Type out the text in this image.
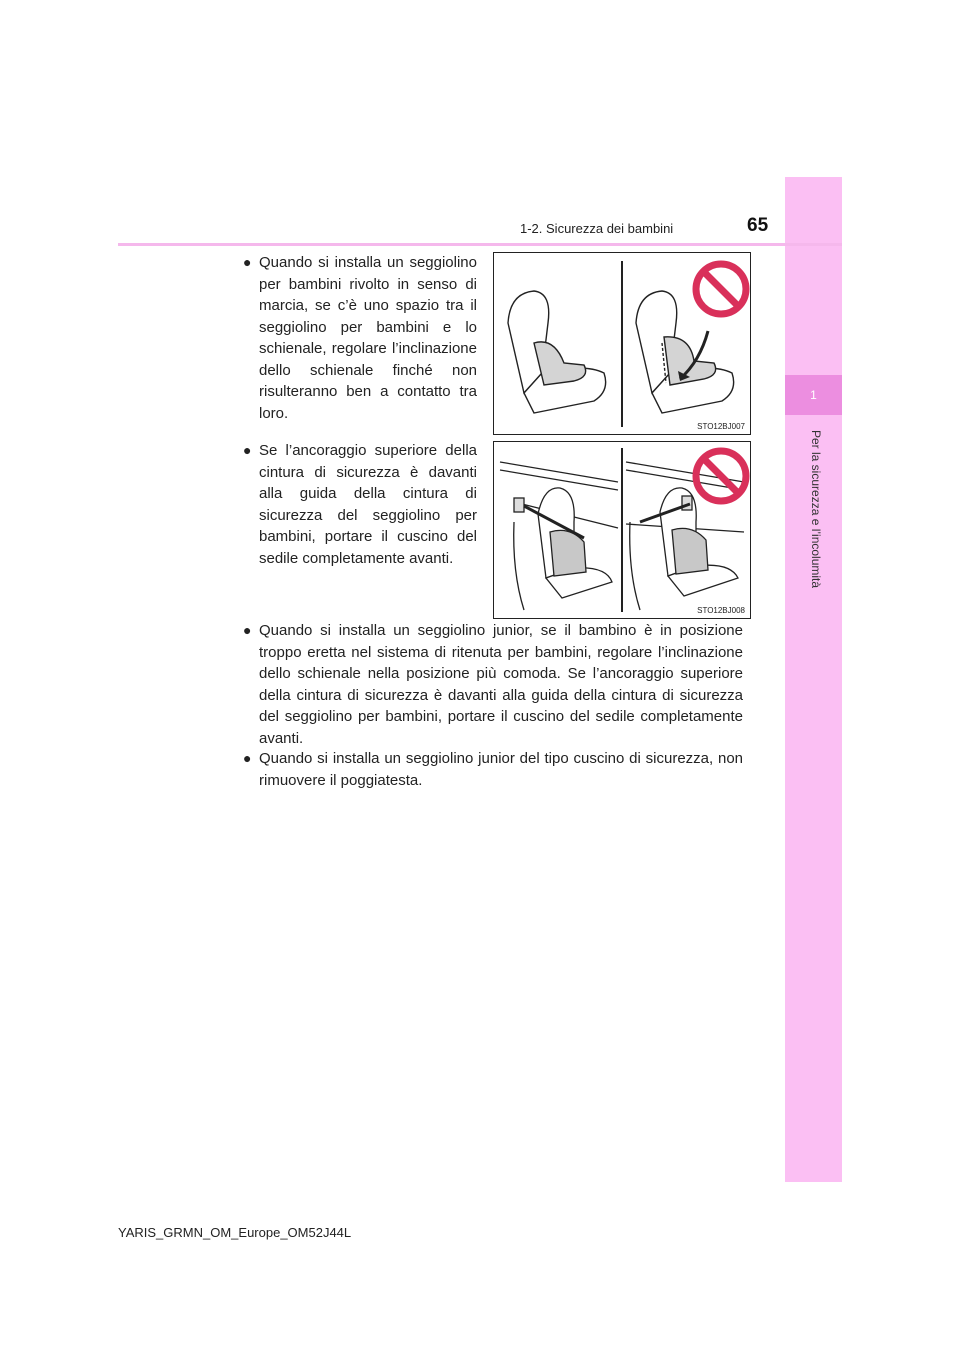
1
Per la sicurezza e l’incolumità
1-2. Sicurezza dei bambini	65
● Quando si installa un seggiolino per bambini rivolto in senso di marcia, se c’è uno spazio tra il seggiolino per bambini e lo schienale, regolare l’inclinazione dello schienale finché non risulteranno ben a contatto tra loro.
STO12BJ007
● Se l’ancoraggio superiore della cintura di sicurezza è davanti alla guida della cintura di sicurezza del seggiolino per bambini, portare il cuscino del sedile completamente avanti.
STO12BJ008
● Quando si installa un seggiolino junior, se il bambino è in posizione troppo eretta nel sistema di ritenuta per bambini, regolare l’inclinazione dello schienale nella posizione più comoda. Se l’ancoraggio superiore della cintura di sicurezza è davanti alla guida della cintura di sicurezza del seggiolino per bambini, portare il cuscino del sedile completamente avanti.
● Quando si installa un seggiolino junior del tipo cuscino di sicurezza, non rimuovere il poggiatesta.
YARIS_GRMN_OM_Europe_OM52J44L
